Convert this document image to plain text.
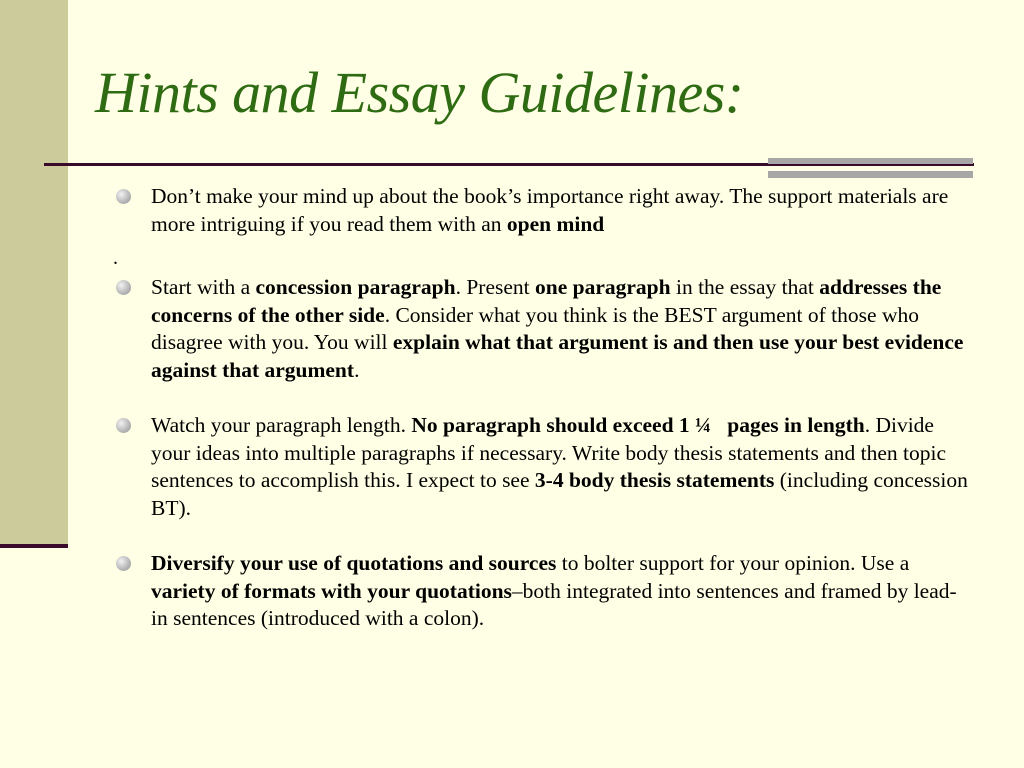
Hints and Essay Guidelines:
Don’t make your mind up about the book’s importance right away. The support materials are more intriguing if you read them with an open mind
.
Start with a concession paragraph. Present one paragraph in the essay that addresses the concerns of the other side. Consider what you think is the BEST argument of those who disagree with you. You will explain what that argument is and then use your best evidence against that argument.
Watch your paragraph length. No paragraph should exceed 1 ¼   pages in length. Divide your ideas into multiple paragraphs if necessary. Write body thesis statements and then topic sentences to accomplish this. I expect to see 3-4 body thesis statements (including concession BT).
Diversify your use of quotations and sources to bolter support for your opinion. Use a variety of formats with your quotations–both integrated into sentences and framed by lead-in sentences (introduced with a colon).
